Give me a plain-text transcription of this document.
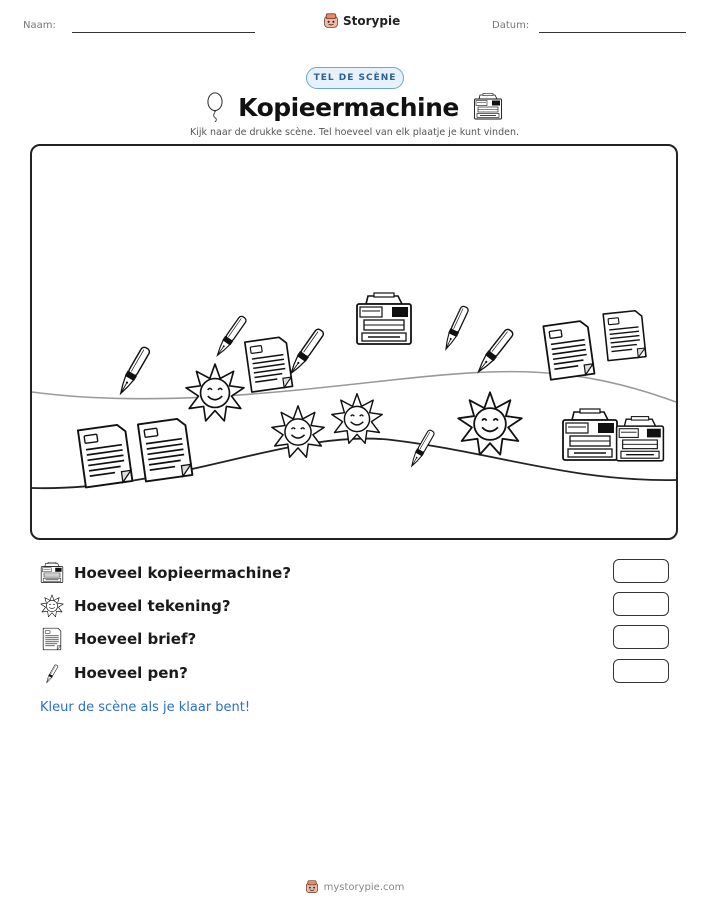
Naam:	Storypie	Datum:
TEL DE SCÈNE
Kopieermachine
Kijk naar de drukke scène. Tel hoeveel van elk plaatje je kunt vinden.
Hoeveel kopieermachine?
Hoeveel tekening?
Hoeveel brief?
Hoeveel pen?
Kleur de scène als je klaar bent!
mystorypie.com
